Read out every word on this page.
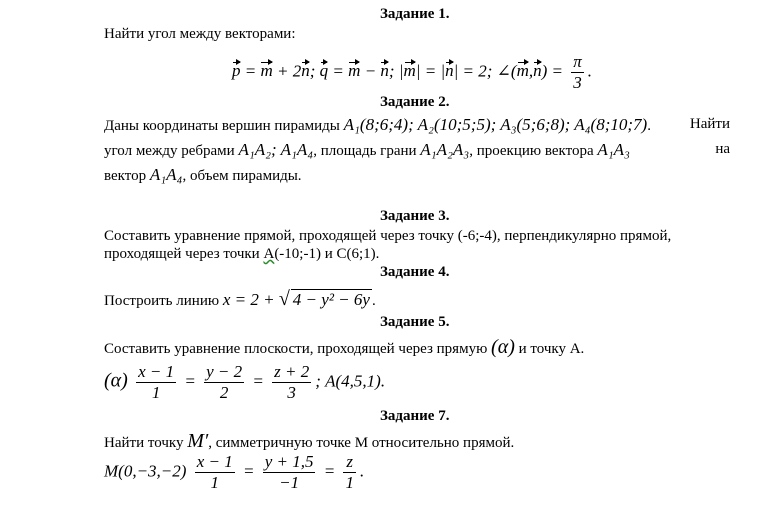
Задание 1.
Найти угол между векторами:
p = m + 2n; q = m − n; |m| = |n| = 2; ∠(m,n) = $\frac{\pi}{3}$ .
Задание 2.
Даны координаты вершин пирамиды A₁(8;6;4); A₂(10;5;5); A₃(5;6;8); A₄(8;10;7).	Найти
угол между ребрами A₁A₂; A₁A₄, площадь грани A₁A₂A₃, проекцию вектора A₁A₃	на
вектор A₁A₄, объем пирамиды.
Задание 3.
Составить уравнение прямой, проходящей через точку (-6;-4), перпендикулярно прямой,
проходящей через точки А(-10;-1) и С(6;1).
Задание 4.
Построить линию x = 2 + √ 4 − y² − 6y .
Задание 5.
Составить уравнение плоскости, проходящей через прямую (α) и точку А.
$(\alpha) \frac{x - 1}{1} = \frac{y - 2}{2} = \frac{z + 2}{3}$ ; A(4,5,1).
Задание 7.
Найти точку M′, симметричную точке М относительно прямой.
$M(0,-3,-2) \frac{x - 1}{1} = \frac{y + 1,5}{-1} = \frac{z}{1}$ .
